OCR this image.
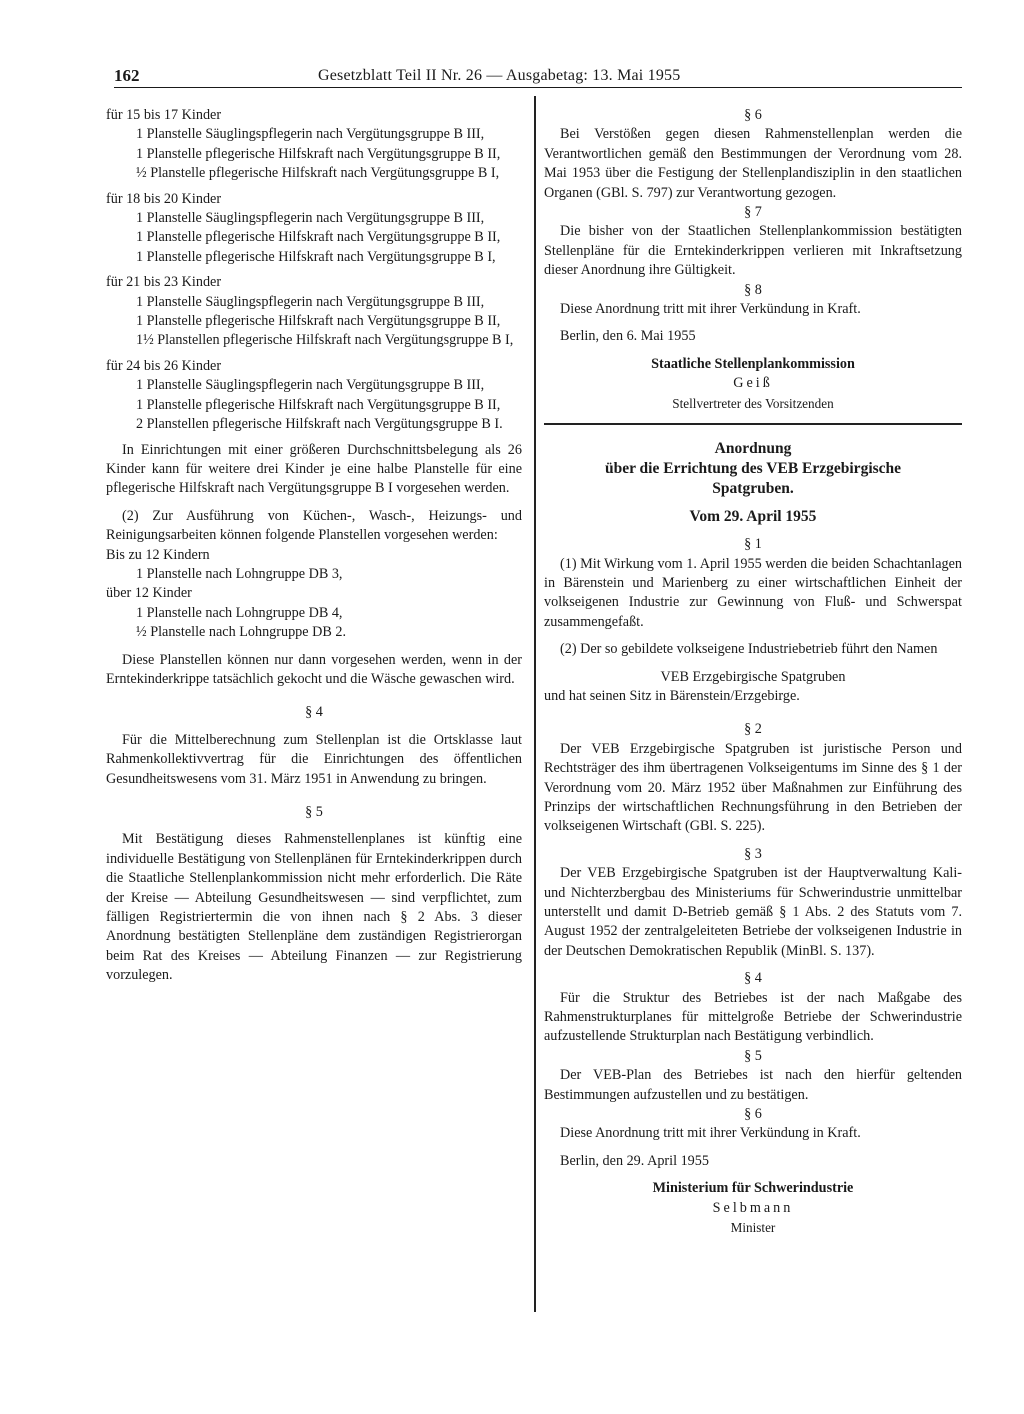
162	Gesetzblatt Teil II Nr. 26 — Ausgabetag: 13. Mai 1955
für 15 bis 17 Kinder
1 Planstelle Säuglingspflegerin nach Vergütungsgruppe B III,
1 Planstelle pflegerische Hilfskraft nach Vergütungsgruppe B II,
½ Planstelle pflegerische Hilfskraft nach Vergütungsgruppe B I,
für 18 bis 20 Kinder
1 Planstelle Säuglingspflegerin nach Vergütungsgruppe B III,
1 Planstelle pflegerische Hilfskraft nach Vergütungsgruppe B II,
1 Planstelle pflegerische Hilfskraft nach Vergütungsgruppe B I,
für 21 bis 23 Kinder
1 Planstelle Säuglingspflegerin nach Vergütungsgruppe B III,
1 Planstelle pflegerische Hilfskraft nach Vergütungsgruppe B II,
1½ Planstellen pflegerische Hilfskraft nach Vergütungsgruppe B I,
für 24 bis 26 Kinder
1 Planstelle Säuglingspflegerin nach Vergütungsgruppe B III,
1 Planstelle pflegerische Hilfskraft nach Vergütungsgruppe B II,
2 Planstellen pflegerische Hilfskraft nach Vergütungsgruppe B I.

In Einrichtungen mit einer größeren Durchschnittsbelegung als 26 Kinder kann für weitere drei Kinder je eine halbe Planstelle für eine pflegerische Hilfskraft nach Vergütungsgruppe B I vorgesehen werden.

(2) Zur Ausführung von Küchen-, Wasch-, Heizungs- und Reinigungsarbeiten können folgende Planstellen vorgesehen werden:

Bis zu 12 Kindern
1 Planstelle nach Lohngruppe DB 3,
über 12 Kinder
1 Planstelle nach Lohngruppe DB 4,
½ Planstelle nach Lohngruppe DB 2.

Diese Planstellen können nur dann vorgesehen werden, wenn in der Erntekinderkrippe tatsächlich gekocht und die Wäsche gewaschen wird.

§ 4

Für die Mittelberechnung zum Stellenplan ist die Ortsklasse laut Rahmenkollektivvertrag für die Einrichtungen des öffentlichen Gesundheitswesens vom 31. März 1951 in Anwendung zu bringen.

§ 5

Mit Bestätigung dieses Rahmenstellenplanes ist künftig eine individuelle Bestätigung von Stellenplänen für Erntekinderkrippen durch die Staatliche Stellenplankommission nicht mehr erforderlich. Die Räte der Kreise — Abteilung Gesundheitswesen — sind verpflichtet, zum fälligen Registriertermin die von ihnen nach § 2 Abs. 3 dieser Anordnung bestätigten Stellenpläne dem zuständigen Registrierorgan beim Rat des Kreises — Abteilung Finanzen — zur Registrierung vorzulegen.

§ 6

Bei Verstößen gegen diesen Rahmenstellenplan werden die Verantwortlichen gemäß den Bestimmungen der Verordnung vom 28. Mai 1953 über die Festigung der Stellenplandisziplin in den staatlichen Organen (GBl. S. 797) zur Verantwortung gezogen.

§ 7

Die bisher von der Staatlichen Stellenplankommission bestätigten Stellenpläne für die Erntekinderkrippen verlieren mit Inkraftsetzung dieser Anordnung ihre Gültigkeit.

§ 8

Diese Anordnung tritt mit ihrer Verkündung in Kraft.

Berlin, den 6. Mai 1955

Staatliche Stellenplankommission
Geiß
Stellvertreter des Vorsitzenden
Anordnung
über die Errichtung des VEB Erzgebirgische
Spatgruben.
Vom 29. April 1955
§ 1

(1) Mit Wirkung vom 1. April 1955 werden die beiden Schachtanlagen in Bärenstein und Marienberg zu einer wirtschaftlichen Einheit der volkseigenen Industrie zur Gewinnung von Fluß- und Schwerspat zusammengefaßt.

(2) Der so gebildete volkseigene Industriebetrieb führt den Namen

VEB Erzgebirgische Spatgruben

und hat seinen Sitz in Bärenstein/Erzgebirge.

§ 2

Der VEB Erzgebirgische Spatgruben ist juristische Person und Rechtsträger des ihm übertragenen Volkseigentums im Sinne des § 1 der Verordnung vom 20. März 1952 über Maßnahmen zur Einführung des Prinzips der wirtschaftlichen Rechnungsführung in den Betrieben der volkseigenen Wirtschaft (GBl. S. 225).

§ 3

Der VEB Erzgebirgische Spatgruben ist der Hauptverwaltung Kali- und Nichterzbergbau des Ministeriums für Schwerindustrie unmittelbar unterstellt und damit D-Betrieb gemäß § 1 Abs. 2 des Statuts vom 7. August 1952 der zentralgeleiteten Betriebe der volkseigenen Industrie in der Deutschen Demokratischen Republik (MinBl. S. 137).

§ 4

Für die Struktur des Betriebes ist der nach Maßgabe des Rahmenstrukturplanes für mittelgroße Betriebe der Schwerindustrie aufzustellende Strukturplan nach Bestätigung verbindlich.

§ 5

Der VEB-Plan des Betriebes ist nach den hierfür geltenden Bestimmungen aufzustellen und zu bestätigen.

§ 6

Diese Anordnung tritt mit ihrer Verkündung in Kraft.

Berlin, den 29. April 1955

Ministerium für Schwerindustrie
Selbmann
Minister
